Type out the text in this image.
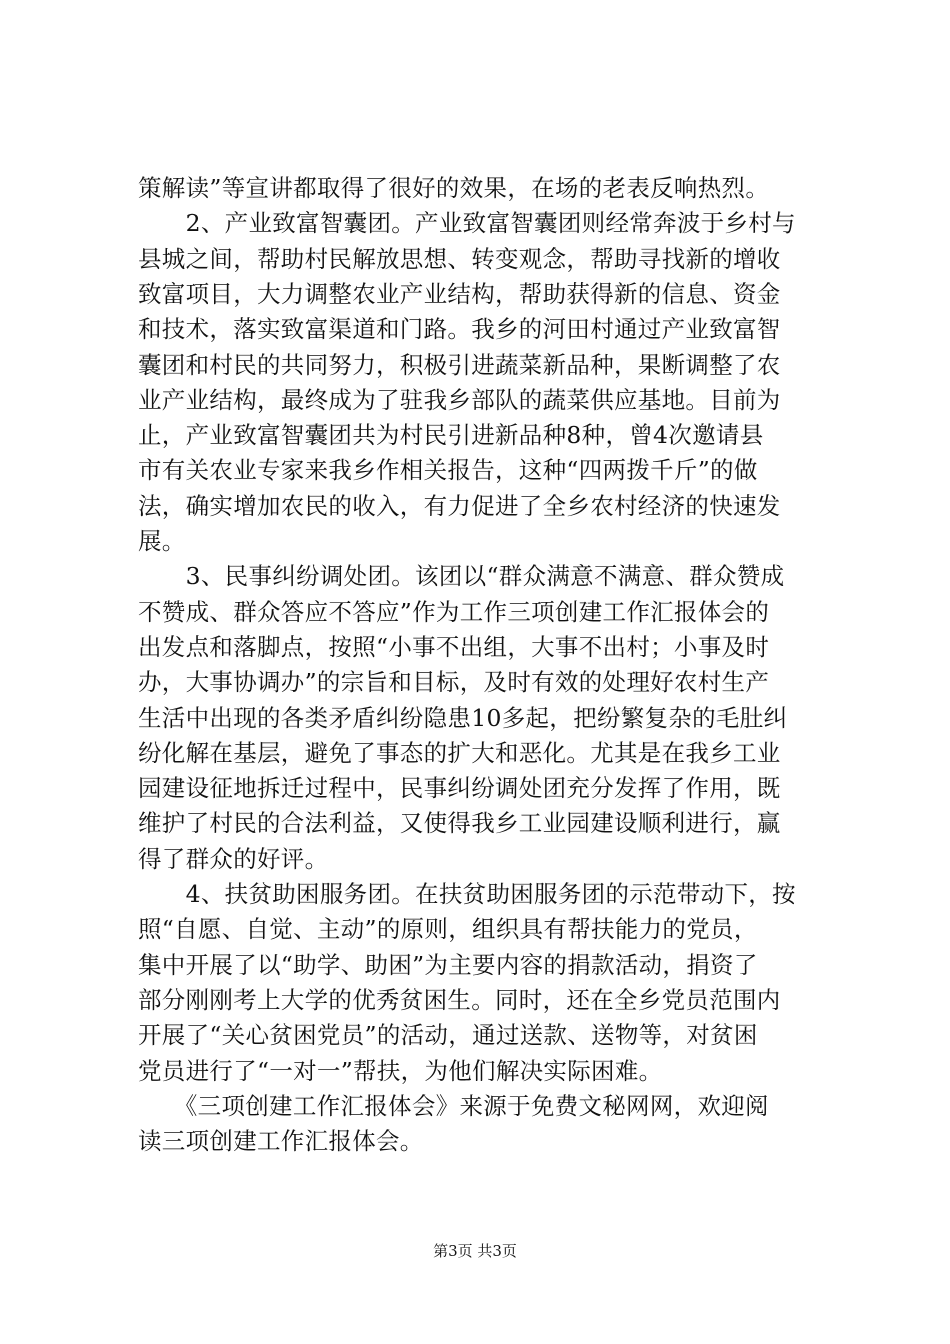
策解读”等宣讲都取得了很好的效果，在场的老表反响热烈。
　　2、产业致富智囊团。产业致富智囊团则经常奔波于乡村与
县城之间，帮助村民解放思想、转变观念，帮助寻找新的增收
致富项目，大力调整农业产业结构，帮助获得新的信息、资金
和技术，落实致富渠道和门路。我乡的河田村通过产业致富智
囊团和村民的共同努力，积极引进蔬菜新品种，果断调整了农
业产业结构，最终成为了驻我乡部队的蔬菜供应基地。目前为
止，产业致富智囊团共为村民引进新品种8种，曾4次邀请县
市有关农业专家来我乡作相关报告，这种“四两拨千斤”的做
法，确实增加农民的收入，有力促进了全乡农村经济的快速发
展。
　　3、民事纠纷调处团。该团以“群众满意不满意、群众赞成
不赞成、群众答应不答应”作为工作三项创建工作汇报体会的
出发点和落脚点，按照“小事不出组，大事不出村；小事及时
办，大事协调办”的宗旨和目标，及时有效的处理好农村生产
生活中出现的各类矛盾纠纷隐患10多起，把纷繁复杂的毛肚纠
纷化解在基层，避免了事态的扩大和恶化。尤其是在我乡工业
园建设征地拆迁过程中，民事纠纷调处团充分发挥了作用，既
维护了村民的合法利益，又使得我乡工业园建设顺利进行，赢
得了群众的好评。
　　4、扶贫助困服务团。在扶贫助困服务团的示范带动下，按
照“自愿、自觉、主动”的原则，组织具有帮扶能力的党员，
集中开展了以“助学、助困”为主要内容的捐款活动，捐资了
部分刚刚考上大学的优秀贫困生。同时，还在全乡党员范围内
开展了“关心贫困党员”的活动，通过送款、送物等，对贫困
党员进行了“一对一”帮扶，为他们解决实际困难。
　　《三项创建工作汇报体会》来源于免费文秘网网，欢迎阅
读三项创建工作汇报体会。
第3页 共3页
